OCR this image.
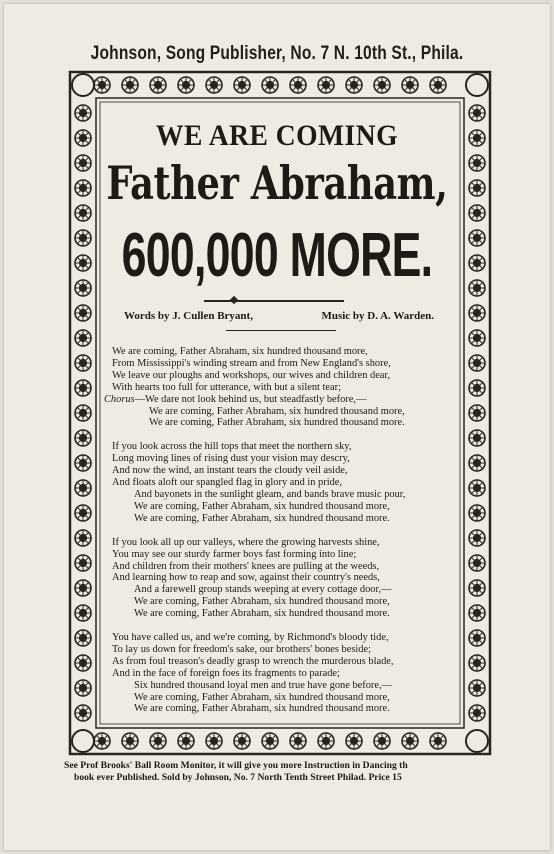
Johnson, Song Publisher, No. 7 N. 10th St., Phila.
WE ARE COMING
Father Abraham,
600,000 MORE.
Words by J. Cullen Bryant,	Music by D. A. Warden.
We are coming, Father Abraham, six hundred thousand more,
From Mississippi's winding stream and from New England's shore,
We leave our ploughs and workshops, our wives and children dear,
With hearts too full for utterance, with but a silent tear;
Chorus—We dare not look behind us, but steadfastly before,—
We are coming, Father Abraham, six hundred thousand more,
We are coming, Father Abraham, six hundred thousand more.
If you look across the hill tops that meet the northern sky,
Long moving lines of rising dust your vision may descry,
And now the wind, an instant tears the cloudy veil aside,
And floats aloft our spangled flag in glory and in pride,
And bayonets in the sunlight gleam, and bands brave music pour,
We are coming, Father Abraham, six hundred thousand more,
We are coming, Father Abraham, six hundred thousand more.
If you look all up our valleys, where the growing harvests shine,
You may see our sturdy farmer boys fast forming into line;
And children from their mothers' knees are pulling at the weeds,
And learning how to reap and sow, against their country's needs,
And a farewell group stands weeping at every cottage door,—
We are coming, Father Abraham, six hundred thousand more,
We are coming, Father Abraham, six hundred thousand more.
You have called us, and we're coming, by Richmond's bloody tide,
To lay us down for freedom's sake, our brothers' bones beside;
As from foul treason's deadly grasp to wrench the murderous blade,
And in the face of foreign foes its fragments to parade;
Six hundred thousand loyal men and true have gone before,—
We are coming, Father Abraham, six hundred thousand more,
We are coming, Father Abraham, six hundred thousand more.
See Prof Brooks' Ball Room Monitor, it will give you more Instruction in Dancing th
book ever Published. Sold by Johnson, No. 7 North Tenth Street Philad. Price 15
